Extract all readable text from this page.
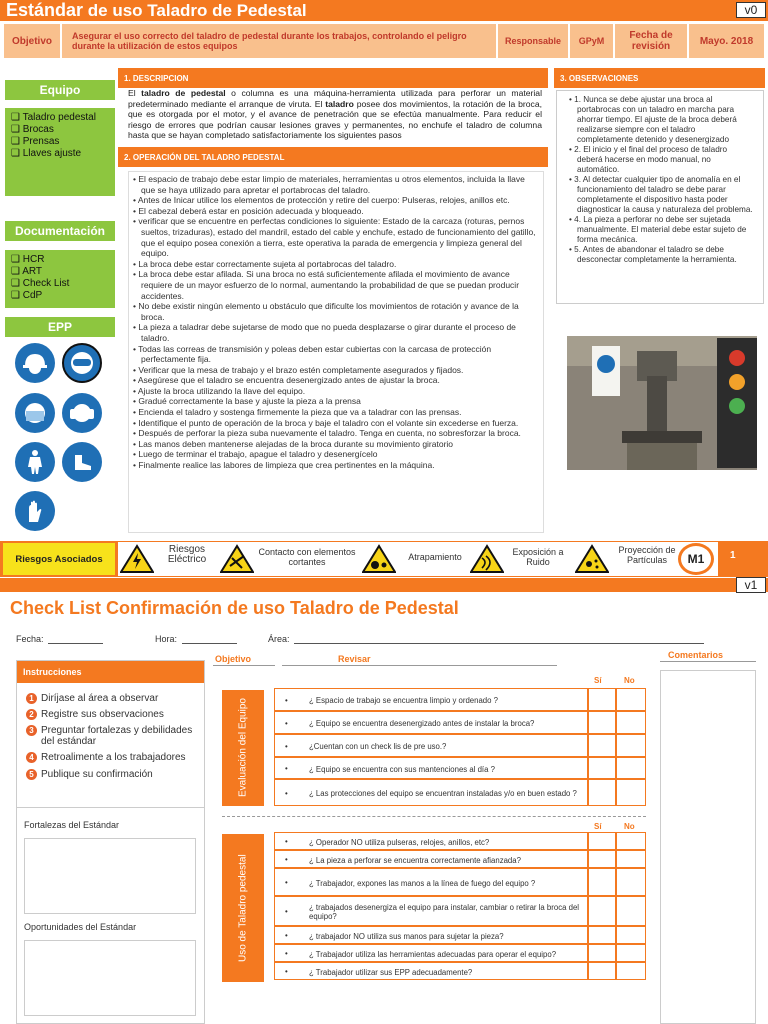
Estándar de uso Taladro de Pedestal	v0
Objetivo	Asegurar el uso correcto del taladro de pedestal durante los trabajos, controlando el peligro durante la utilización de estos equipos	Responsable	GPyM	Fecha de revisión	Mayo. 2018
Equipo
❑ Taladro pedestal
❑ Brocas
❑ Prensas
❑ Llaves ajuste
Documentación
❑ HCR
❑ ART
❑ Check List
❑ CdP
EPP
1. DESCRIPCION
El taladro de pedestal o columna es una máquina-herramienta utilizada para perforar un material predeterminado mediante el arranque de viruta. El taladro posee dos movimientos, la rotación de la broca, que es otorgada por el motor, y el avance de penetración que se efectúa manualmente. Para reducir el riesgo de errores que podrían causar lesiones graves y permanentes, no enchufe el taladro de columna hasta que se hayan completado satisfactoriamente los siguientes pasos
2. OPERACIÓN DEL TALADRO PEDESTAL
• El espacio de trabajo debe estar limpio de materiales, herramientas u otros elementos, incluida la llave que se haya utilizado para apretar el portabrocas del taladro.
• Antes de Inicar utilice los elementos de protección y retire del cuerpo: Pulseras, relojes, anillos etc.
• El cabezal deberá estar en posición adecuada y bloqueado.
• verificar que se encuentre en perfectas condiciones lo siguiente: Estado de la carcaza (roturas, pernos sueltos, trizaduras), estado del mandril, estado del cable y enchufe, estado de funcionamiento del gatillo, que el equipo posea conexión a tierra, este operativa la parada de emergencia y limpieza general del equipo.
• La broca debe estar correctamente sujeta al portabrocas del taladro.
• La broca debe estar afilada. Si una broca no está suficientemente afilada el movimiento de avance requiere de un mayor esfuerzo de lo normal, aumentando la probabilidad de que se puedan producir accidentes.
• No debe existir ningún elemento u obstáculo que dificulte los movimientos de rotación y avance de la broca.
• La pieza a taladrar debe sujetarse de modo que no pueda desplazarse o girar durante el proceso de taladro.
• Todas las correas de transmisión y poleas deben estar cubiertas con la carcasa de protección perfectamente fija.
• Verificar que la mesa de trabajo y el brazo estén completamente asegurados y fijados.
• Asegúrese que el taladro se encuentra desenergizado antes de ajustar la broca.
• Ajuste la broca utilizando la llave del equipo.
• Gradué correctamente la base y ajuste la pieza a la prensa
• Encienda el taladro y sostenga firmemente la pieza que va a taladrar con las prensas.
• Identifique el punto de operación de la broca y baje el taladro con el volante sin excederse en fuerza.
• Después de perforar la pieza suba nuevamente el taladro. Tenga en cuenta, no sobresforzar la broca.
• Las manos deben mantenerse alejadas de la broca durante su movimiento giratorio
• Luego de terminar el trabajo, apague el taladro y desenergícelo
• Finalmente realice las labores de limpieza que crea pertinentes en la máquina.
3. OBSERVACIONES
• 1. Nunca se debe ajustar una broca al portabrocas con un taladro en marcha para ahorrar tiempo. El ajuste de la broca deberá realizarse siempre con el taladro completamente detenido y desenergizado
• 2. El inicio y el final del proceso de taladro deberá hacerse en modo manual, no automático.
• 3. Al detectar cualquier tipo de anomalía en el funcionamiento del taladro se debe parar completamente el dispositivo hasta poder diagnosticar la causa y naturaleza del problema.
• 4. La pieza a perforar no debe ser sujetada manualmente. El material debe estar sujeto de forma mecánica.
• 5. Antes de abandonar el taladro se debe desconectar completamente la herramienta.
Riesgos Asociados
Riesgos Eléctrico
Contacto con elementos cortantes	Atrapamiento	Exposición a Ruido
Proyección de Partículas	M1	1
v1
Check List Confirmación de uso Taladro de Pedestal
Fecha:	Hora:	Área:
Instrucciones
1 Diríjase al área a observar
2 Registre sus observaciones
3 Preguntar fortalezas y debilidades del estándar
4 Retroalimente a los trabajadores
5 Publique su confirmación
Fortalezas del Estándar
Oportunidades del Estándar
Objetivo	Revisar	Comentarios
Sí	No
Evaluación del Equipo	•	¿ Espacio de trabajo se encuentra limpio y ordenado ?
•	¿ Equipo se encuentra desenergizado antes de instalar la broca?
•	¿Cuentan con un check lis de pre uso.?
•	¿ Equipo se encuentra con sus mantenciones al día ?
•	¿ Las protecciones del equipo se encuentran instaladas y/o en buen estado ?
Sí	No
Uso de Taladro pedestal
•	¿ Operador NO utiliza pulseras, relojes, anillos, etc?
•	¿ La pieza a perforar se encuentra correctamente afianzada?
•	¿ Trabajador, expones las manos a la línea de fuego del equipo ?
•	¿ trabajados desenergiza el equipo para instalar, cambiar o retirar la broca del equipo?
•	¿ trabajador NO utiliza sus manos para sujetar la pieza?
•	¿ Trabajador utiliza las herramientas adecuadas para operar el equipo?
•	¿ Trabajador utilizar sus EPP adecuadamente?
